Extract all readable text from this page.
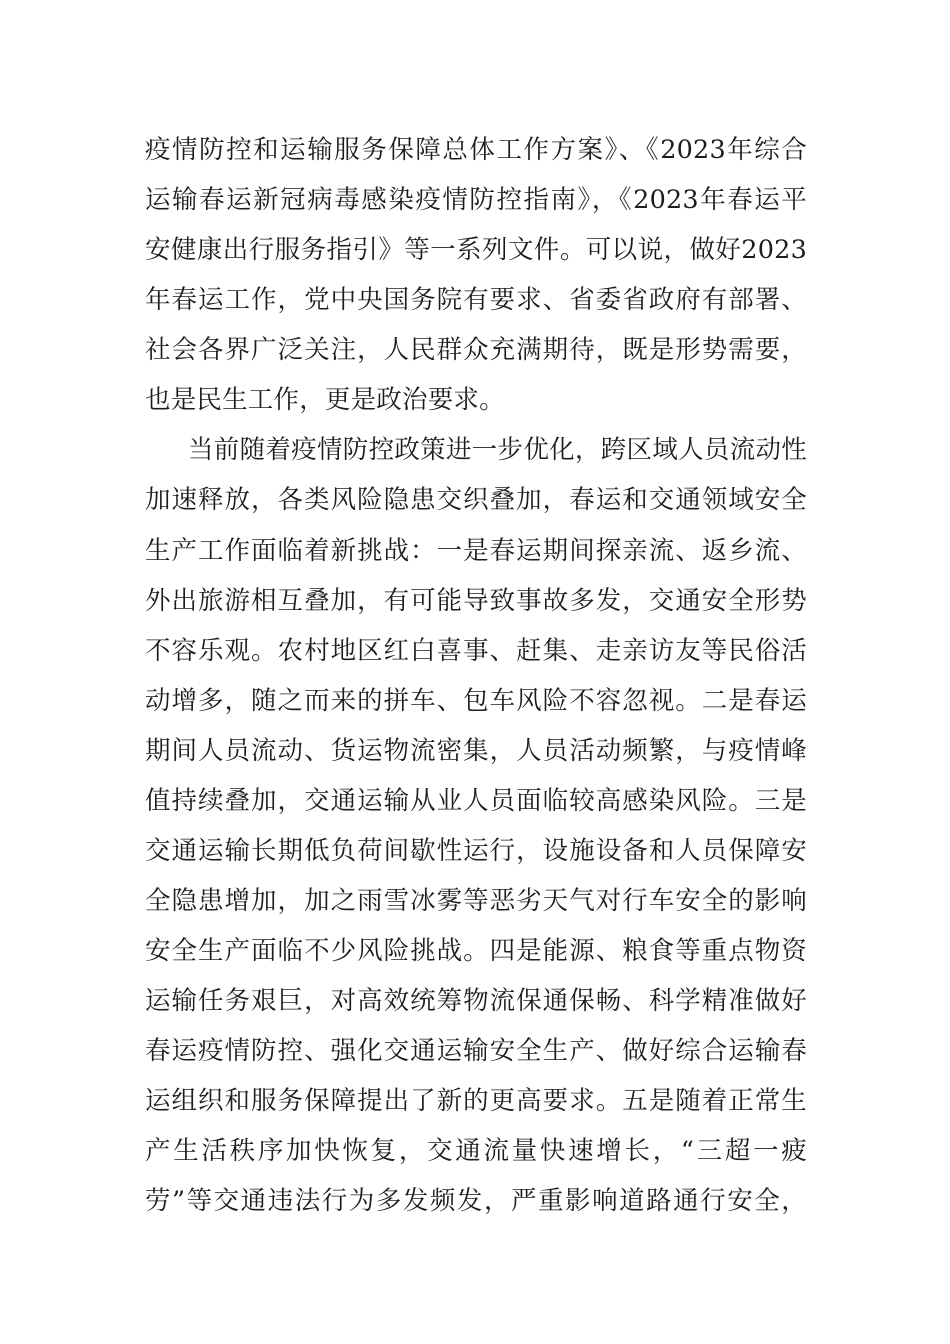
疫情防控和运输服务保障总体工作方案》、《2023年综合
运输春运新冠病毒感染疫情防控指南》，《2023年春运平
安健康出行服务指引》等一系列文件。可以说，做好2023
年春运工作，党中央国务院有要求、省委省政府有部署、
社会各界广泛关注，人民群众充满期待，既是形势需要，
也是民生工作，更是政治要求。
当前随着疫情防控政策进一步优化，跨区域人员流动性
加速释放，各类风险隐患交织叠加，春运和交通领域安全
生产工作面临着新挑战：一是春运期间探亲流、返乡流、
外出旅游相互叠加，有可能导致事故多发，交通安全形势
不容乐观。农村地区红白喜事、赶集、走亲访友等民俗活
动增多，随之而来的拼车、包车风险不容忽视。二是春运
期间人员流动、货运物流密集，人员活动频繁，与疫情峰
值持续叠加，交通运输从业人员面临较高感染风险。三是
交通运输长期低负荷间歇性运行，设施设备和人员保障安
全隐患增加，加之雨雪冰雾等恶劣天气对行车安全的影响
安全生产面临不少风险挑战。四是能源、粮食等重点物资
运输任务艰巨，对高效统筹物流保通保畅、科学精准做好
春运疫情防控、强化交通运输安全生产、做好综合运输春
运组织和服务保障提出了新的更高要求。五是随着正常生
产生活秩序加快恢复，交通流量快速增长，“三超一疲
劳”等交通违法行为多发频发，严重影响道路通行安全，
